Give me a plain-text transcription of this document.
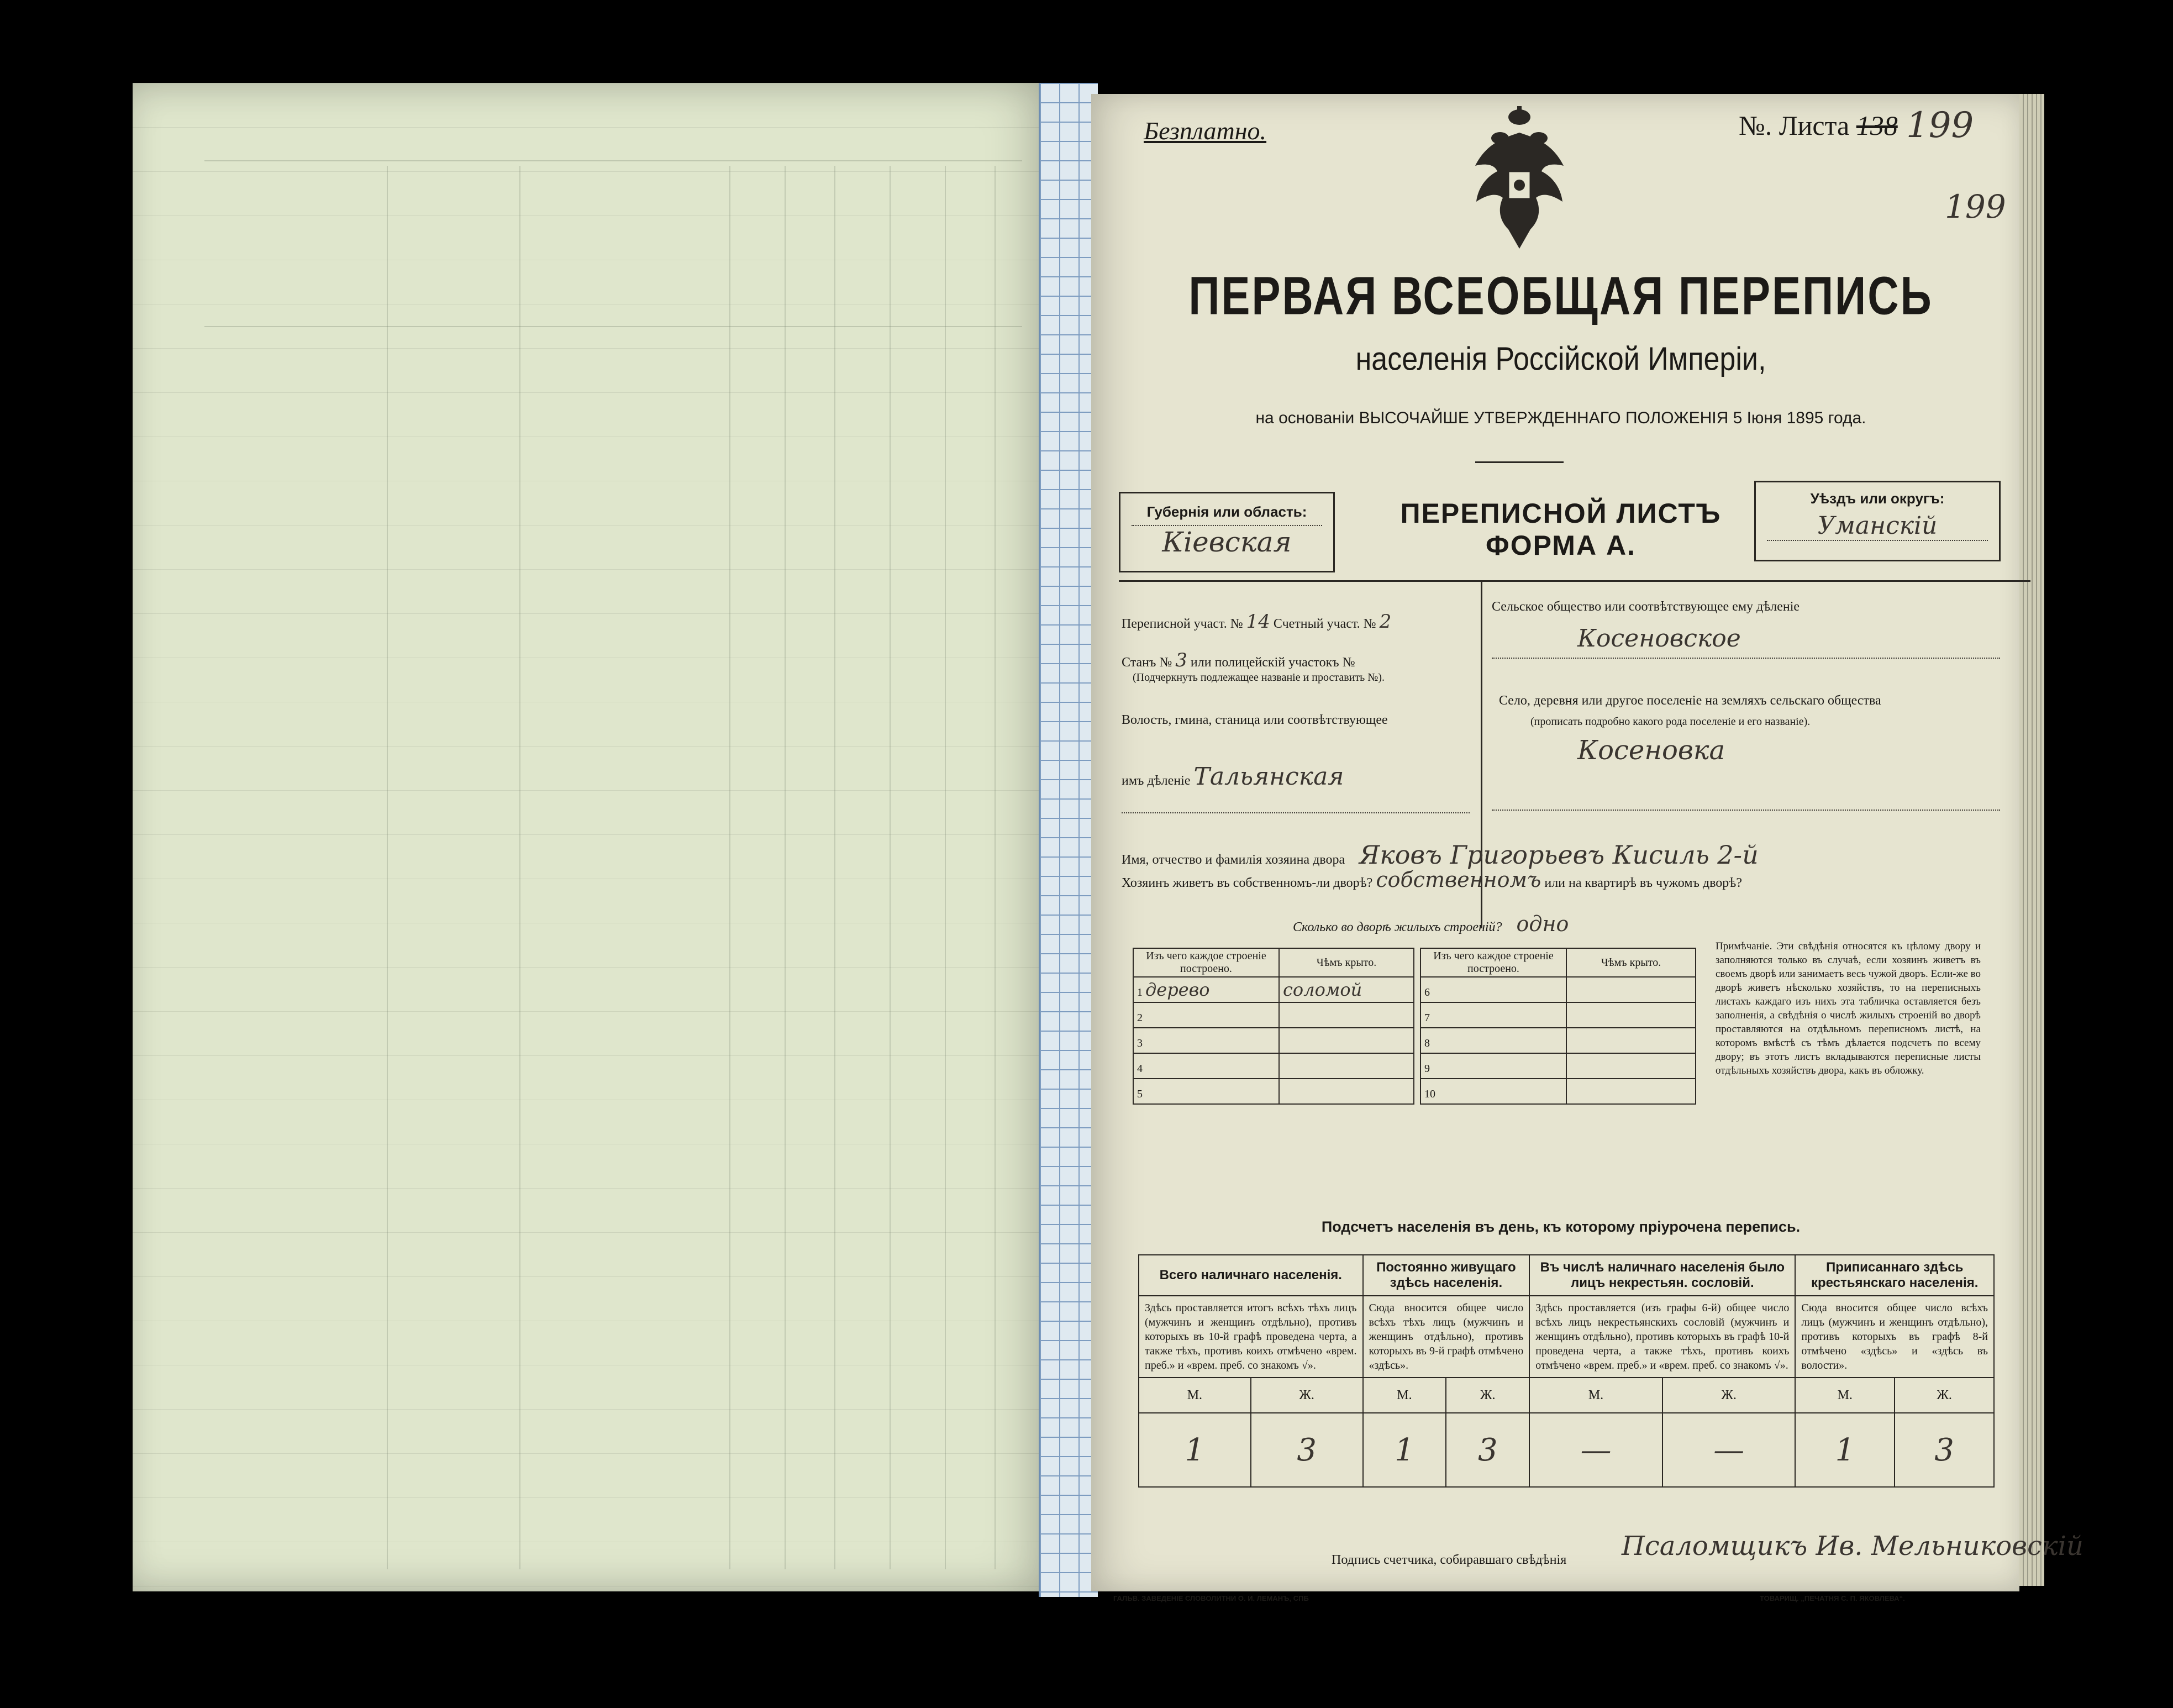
Безплатно.	№. Листа 138 199
199
ПЕРВАЯ ВСЕОБЩАЯ ПЕРЕПИСЬ
населенія Россійской Имперіи,
на основаніи ВЫСОЧАЙШЕ УТВЕРЖДЕННАГО ПОЛОЖЕНІЯ 5 Іюня 1895 года.
Губернія или область:
Кіевская
ПЕРЕПИСНОЙ ЛИСТЪ
ФОРМА А.
Уѣздъ или округъ:
Уманскій
Переписной участ. № 14 Счетный участ. № 2
Станъ № 3 или полицейскій участокъ №
(Подчеркнуть подлежащее названіе и проставить №).
Волость, гмина, станица или соотвѣтствующее
имъ дѣленіе Тальянская
Сельское общество или соотвѣтствующее ему дѣленіе
Косеновское
Село, деревня или другое поселеніе на земляхъ сельскаго общества
(прописать подробно какого рода поселеніе и его названіе).
Косеновка
Имя, отчество и фамилія хозяина двора Яковъ Григорьевъ Кисиль 2-й
Хозяинъ живетъ въ собственномъ-ли дворѣ? собственномъ или на квартирѣ въ чужомъ дворѣ?
Сколько во дворѣ жилыхъ строеній? одно
Изъ чего каждое строеніе построено.	Чѣмъ крыто.
1 дерево	соломой
2	
3	
4	
5	
Изъ чего каждое строеніе построено.	Чѣмъ крыто.
6	
7	
8	
9	
10	
Примѣчаніе. Эти свѣдѣнія относятся къ цѣлому двору и заполняются только въ случаѣ, если хозяинъ живетъ въ своемъ дворѣ или занимаетъ весь чужой дворъ. Если-же во дворѣ живетъ нѣсколько хозяйствъ, то на переписныхъ листахъ каждаго изъ нихъ эта табличка оставляется безъ заполненія, а свѣдѣнія о числѣ жилыхъ строеній во дворѣ проставляются на отдѣльномъ переписномъ листѣ, на которомъ вмѣстѣ съ тѣмъ дѣлается подсчетъ по всему двору; въ этотъ листъ вкладываются переписные листы отдѣльныхъ хозяйствъ двора, какъ въ обложку.
Подсчетъ населенія въ день, къ которому пріурочена перепись.
Всего наличнаго населенія.		Постоянно живущаго здѣсь населенія.		Въ числѣ наличнаго населенія было лицъ некрестьян. сословій.		Приписаннаго здѣсь крестьянскаго населенія.	
Здѣсь проставляется итогъ всѣхъ тѣхъ лицъ (мужчинъ и женщинъ отдѣльно), противъ которыхъ въ 10-й графѣ проведена черта, а также тѣхъ, противъ коихъ отмѣчено «врем. преб.» и «врем. преб. со знакомъ √».		Сюда вносится общее число всѣхъ тѣхъ лицъ (мужчинъ и женщинъ отдѣльно), противъ которыхъ въ 9-й графѣ отмѣчено «здѣсь».		Здѣсь проставляется (изъ графы 6-й) общее число всѣхъ лицъ некрестьянскихъ сословій (мужчинъ и женщинъ отдѣльно), противъ которыхъ въ графѣ 10-й проведена черта, а также тѣхъ, противъ коихъ отмѣчено «врем. преб.» и «врем. преб. со знакомъ √».		Сюда вносится общее число всѣхъ лицъ (мужчинъ и женщинъ отдѣльно), противъ которыхъ въ графѣ 8-й отмѣчено «здѣсь» и «здѣсь въ волости».	
М.	Ж.	М.	Ж.	М.	Ж.	М.	Ж.
1	3	1	3	—	—	1	3
Подпись счетчика, собиравшаго свѣдѣнія Псаломщикъ Ив. Мельниковскій
ГАЛЬВ. ЗАВЕДЕНІЕ СЛОВОЛИТНИ О. И. ЛЕМАНЪ, СПБ	ТОВАРИЩ. „ПЕЧАТНЯ С. П. ЯКОВЛЕВА“.
